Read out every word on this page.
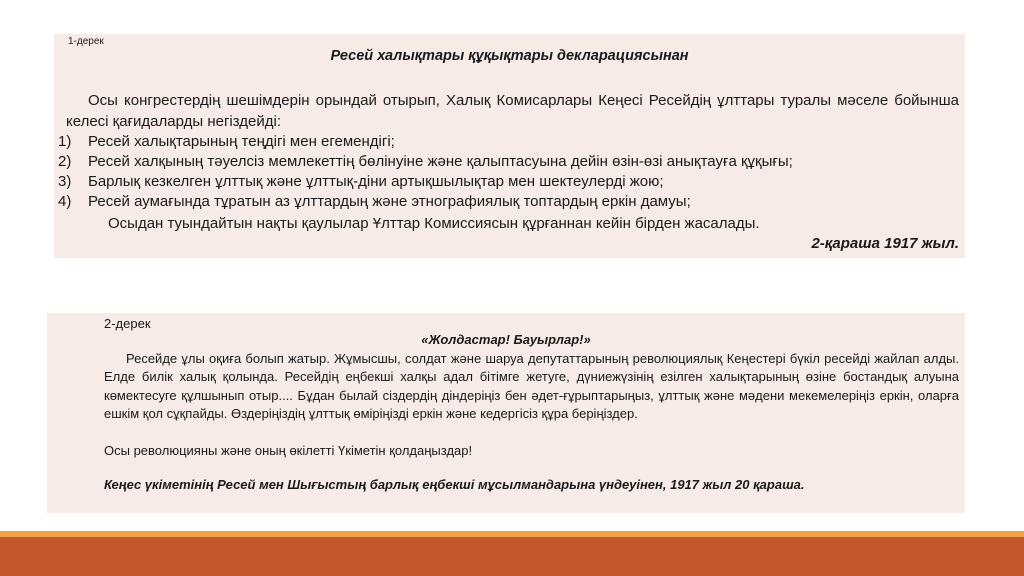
1-дерек
Ресей халықтары құқықтары декларациясынан

Осы конгрестердің шешімдерін орындай отырып, Халық Комисарлары Кеңесі Ресейдің ұлттары туралы мәселе бойынша келесі қағидаларды негіздейді:

1) Ресей халықтарының теңдігі мен егемендігі;
2) Ресей халқының тәуелсіз мемлекеттің бөлінуіне және қалыптасуына дейін өзін-өзі анықтауға құқығы;
3) Барлық кезкелген ұлттық және ұлттық-діни артықшылықтар мен шектеулерді жою;
4) Ресей аумағында тұратын аз ұлттардың және этнографиялық топтардың еркін дамуы;
Осыдан туындайтын нақты қаулылар Ұлттар Комиссиясын құрғаннан кейін бірден жасалады.
2-қараша 1917 жыл.
2-дерек
«Жолдастар! Бауырлар!»

Ресейде ұлы оқиға болып жатыр. Жұмысшы, солдат және шаруа депутаттарының революциялық Кеңестері бүкіл ресейді жайлап алды. Елде билік халық қолында. Ресейдің еңбекші халқы адал бітімге жетуге, дүниежүзінің езілген халықтарының өзіне бостандық алуына көмектесуге құлшынып отыр.... Бұдан былай сіздердің діндеріңіз бен әдет-ғұрыптарыңыз, ұлттық және мәдени мекемелеріңіз еркін, оларға ешкім қол сұқпайды. Өздеріңіздің ұлттық өміріңізді еркін және кедергісіз құра беріңіздер.

Осы революцияны және оның өкілетті Үкіметін қолдаңыздар!
Кеңес үкіметінің Ресей мен Шығыстың барлық еңбекші мұсылмандарына үндеуінен, 1917 жыл 20 қараша.
